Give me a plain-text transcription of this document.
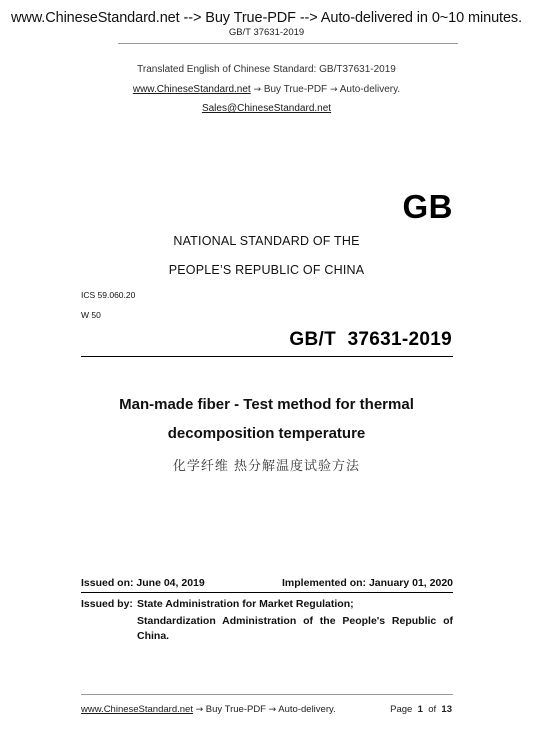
www.ChineseStandard.net --> Buy True-PDF --> Auto-delivered in 0~10 minutes.
GB/T 37631-2019
Translated English of Chinese Standard: GB/T37631-2019
www.ChineseStandard.net → Buy True-PDF → Auto-delivery.
Sales@ChineseStandard.net
GB
NATIONAL STANDARD OF THE
PEOPLE’S REPUBLIC OF CHINA
ICS 59.060.20
W 50
GB/T 37631-2019
Man-made fiber - Test method for thermal
decomposition temperature
化学纤维 热分解温度试验方法
Issued on: June 04, 2019	Implemented on: January 01, 2020
Issued by: State Administration for Market Regulation;
Standardization Administration of the People's Republic of
China.
www.ChineseStandard.net → Buy True-PDF → Auto-delivery.	Page 1 of 13
